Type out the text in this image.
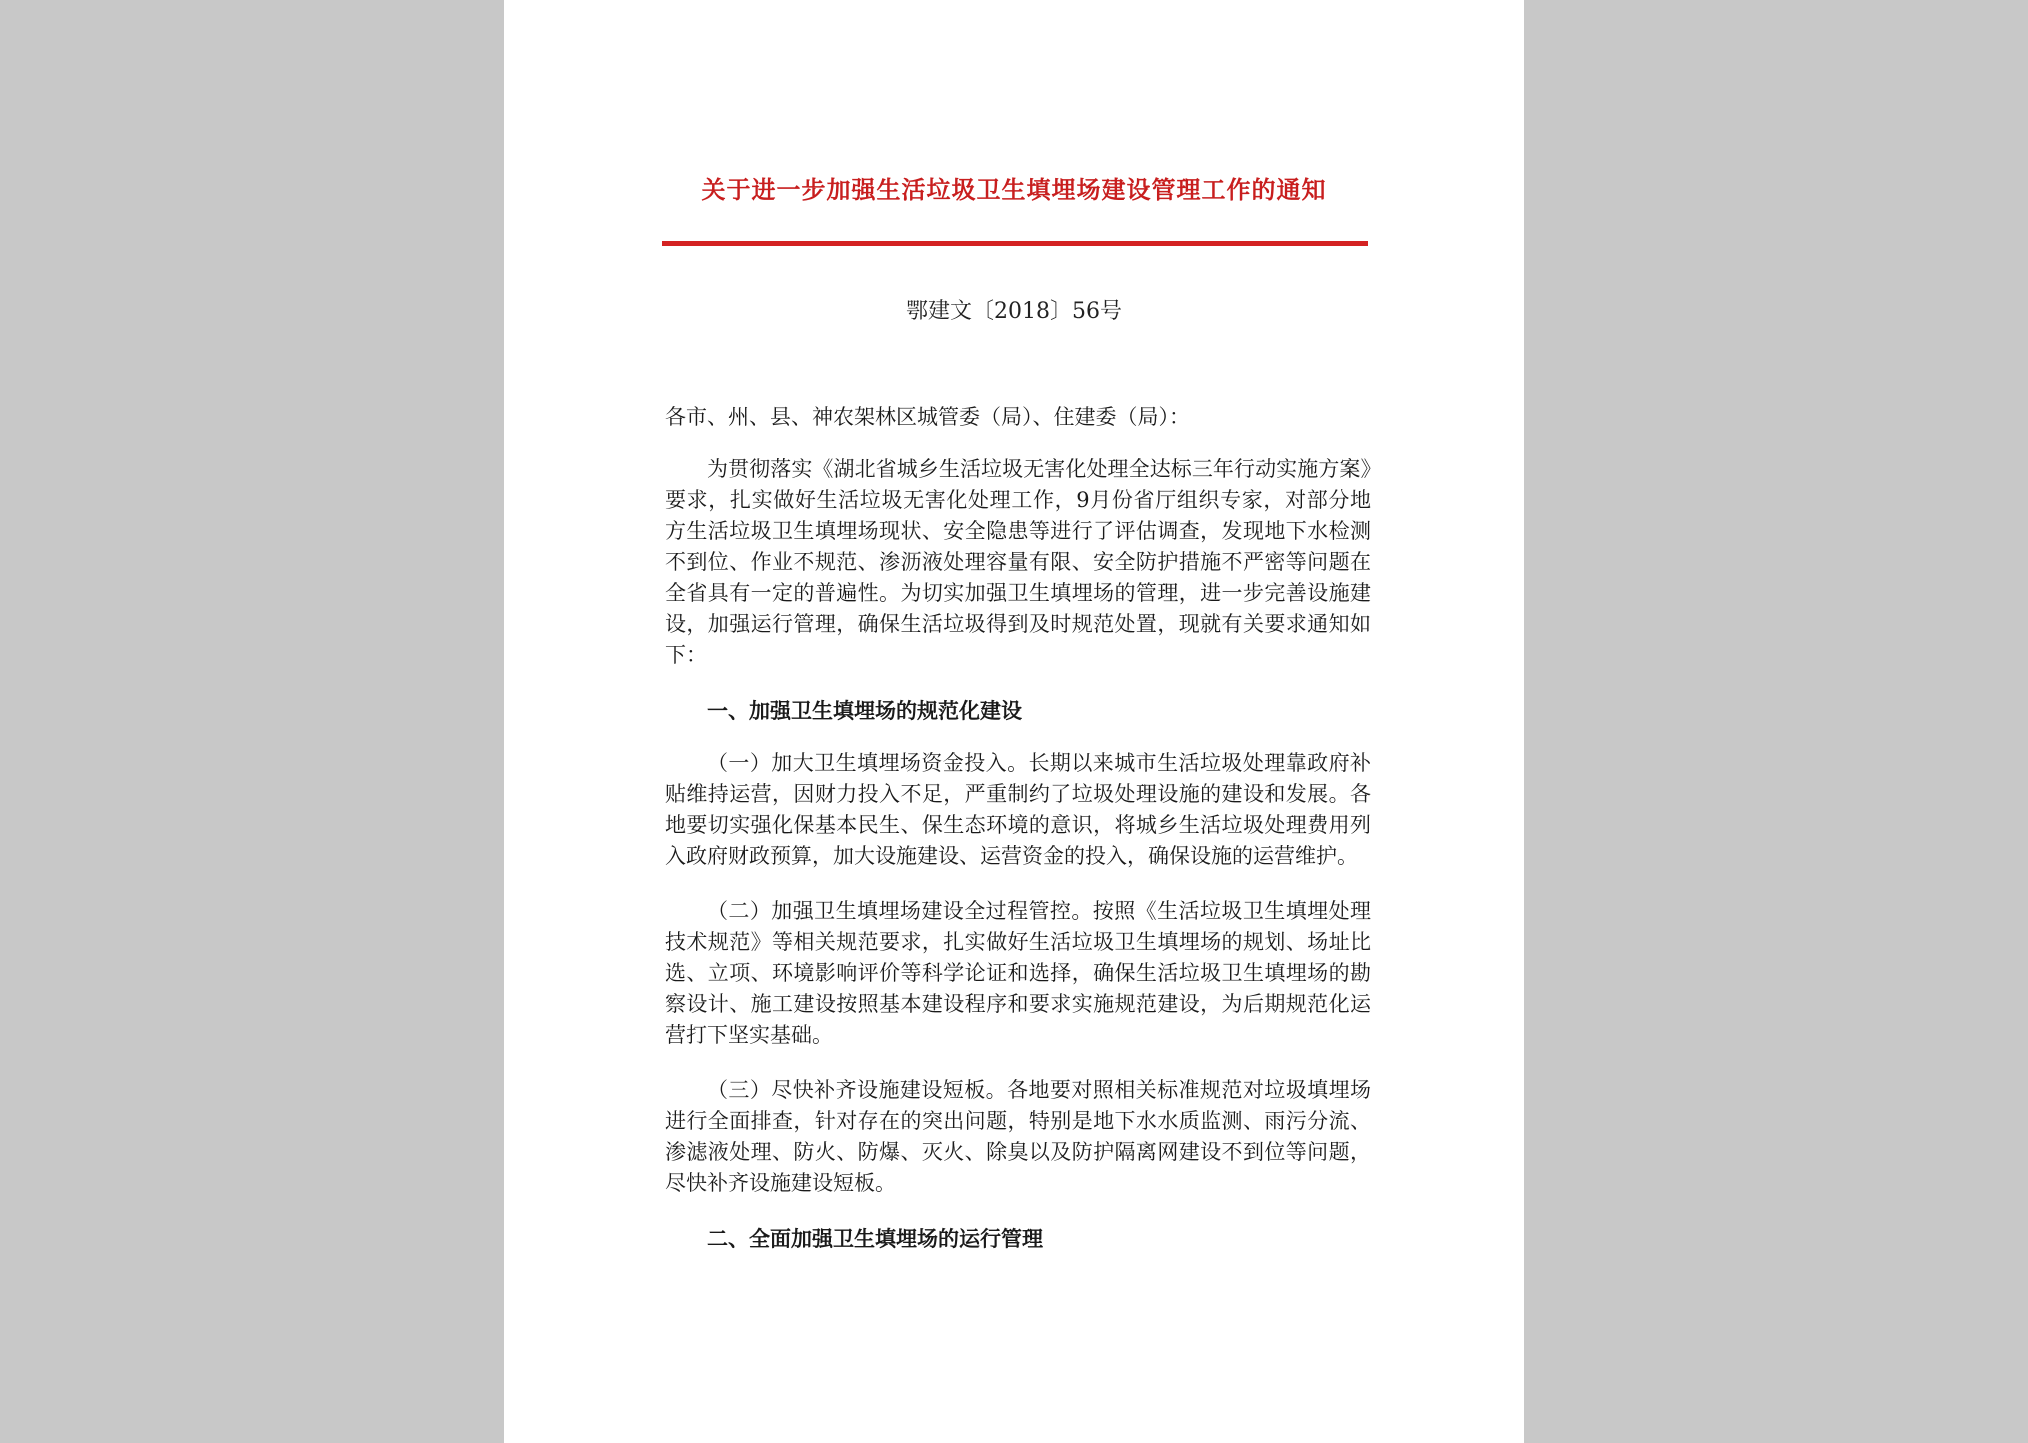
关于进一步加强生活垃圾卫生填埋场建设管理工作的通知
鄂建文〔2018〕56号

各市、州、县、神农架林区城管委（局）、住建委（局）：

为贯彻落实《湖北省城乡生活垃圾无害化处理全达标三年行动实施方案》要求，扎实做好生活垃圾无害化处理工作，9月份省厅组织专家，对部分地方生活垃圾卫生填埋场现状、安全隐患等进行了评估调查，发现地下水检测不到位、作业不规范、渗沥液处理容量有限、安全防护措施不严密等问题在全省具有一定的普遍性。为切实加强卫生填埋场的管理，进一步完善设施建设，加强运行管理，确保生活垃圾得到及时规范处置，现就有关要求通知如下：

一、加强卫生填埋场的规范化建设

（一）加大卫生填埋场资金投入。长期以来城市生活垃圾处理靠政府补贴维持运营，因财力投入不足，严重制约了垃圾处理设施的建设和发展。各地要切实强化保基本民生、保生态环境的意识，将城乡生活垃圾处理费用列入政府财政预算，加大设施建设、运营资金的投入，确保设施的运营维护。

（二）加强卫生填埋场建设全过程管控。按照《生活垃圾卫生填埋处理技术规范》等相关规范要求，扎实做好生活垃圾卫生填埋场的规划、场址比选、立项、环境影响评价等科学论证和选择，确保生活垃圾卫生填埋场的勘察设计、施工建设按照基本建设程序和要求实施规范建设，为后期规范化运营打下坚实基础。

（三）尽快补齐设施建设短板。各地要对照相关标准规范对垃圾填埋场进行全面排查，针对存在的突出问题，特别是地下水水质监测、雨污分流、渗滤液处理、防火、防爆、灭火、除臭以及防护隔离网建设不到位等问题，尽快补齐设施建设短板。

二、全面加强卫生填埋场的运行管理
